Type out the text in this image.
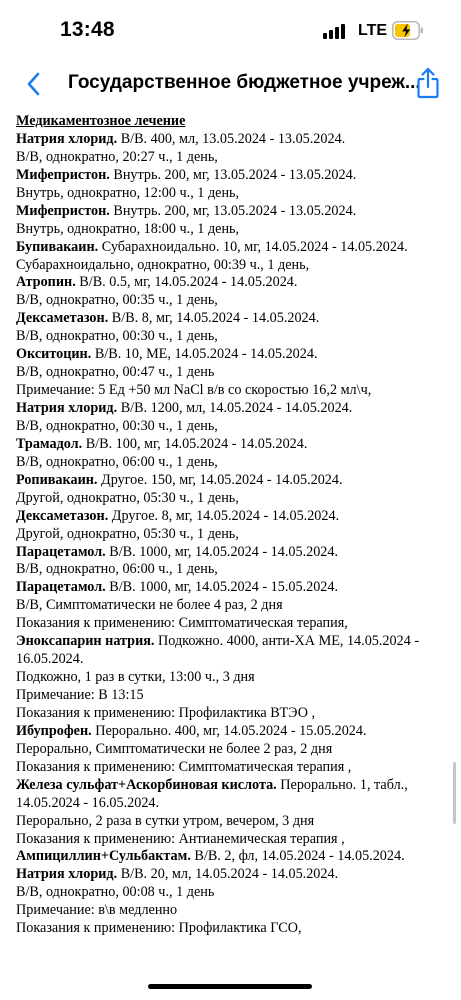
13:48	LTE
Государственное бюджетное учреж...
Медикаментозное лечение
Натрия хлорид. В/В. 400, мл, 13.05.2024 - 13.05.2024.
В/В, однократно, 20:27 ч., 1 день,
Мифепристон. Внутрь. 200, мг, 13.05.2024 - 13.05.2024.
Внутрь, однократно, 12:00 ч., 1 день,
Мифепристон. Внутрь. 200, мг, 13.05.2024 - 13.05.2024.
Внутрь, однократно, 18:00 ч., 1 день,
Бупивакаин. Субарахноидально. 10, мг, 14.05.2024 - 14.05.2024.
Субарахноидально, однократно, 00:39 ч., 1 день,
Атропин. В/В. 0.5, мг, 14.05.2024 - 14.05.2024.
В/В, однократно, 00:35 ч., 1 день,
Дексаметазон. В/В. 8, мг, 14.05.2024 - 14.05.2024.
В/В, однократно, 00:30 ч., 1 день,
Окситоцин. В/В. 10, МЕ, 14.05.2024 - 14.05.2024.
В/В, однократно, 00:47 ч., 1 день
Примечание: 5 Ед +50 мл NaCl в/в со скоростью 16,2 мл\ч,
Натрия хлорид. В/В. 1200, мл, 14.05.2024 - 14.05.2024.
В/В, однократно, 00:30 ч., 1 день,
Трамадол. В/В. 100, мг, 14.05.2024 - 14.05.2024.
В/В, однократно, 06:00 ч., 1 день,
Ропивакаин. Другое. 150, мг, 14.05.2024 - 14.05.2024.
Другой, однократно, 05:30 ч., 1 день,
Дексаметазон. Другое. 8, мг, 14.05.2024 - 14.05.2024.
Другой, однократно, 05:30 ч., 1 день,
Парацетамол. В/В. 1000, мг, 14.05.2024 - 14.05.2024.
В/В, однократно, 06:00 ч., 1 день,
Парацетамол. В/В. 1000, мг, 14.05.2024 - 15.05.2024.
В/В, Симптоматически не более 4 раз, 2 дня
Показания к применению: Симптоматическая терапия,
Эноксапарин натрия. Подкожно. 4000, анти-ХА МЕ, 14.05.2024 -
16.05.2024.
Подкожно, 1 раз в сутки, 13:00 ч., 3 дня
Примечание: В 13:15
Показания к применению: Профилактика ВТЭО ,
Ибупрофен. Перорально. 400, мг, 14.05.2024 - 15.05.2024.
Перорально, Симптоматически не более 2 раз, 2 дня
Показания к применению: Симптоматическая терапия ,
Железа сульфат+Аскорбиновая кислота. Перорально. 1, табл.,
14.05.2024 - 16.05.2024.
Перорально, 2 раза в сутки утром, вечером, 3 дня
Показания к применению: Антианемическая терапия ,
Ампициллин+Сульбактам. В/В. 2, фл, 14.05.2024 - 14.05.2024.
Натрия хлорид. В/В. 20, мл, 14.05.2024 - 14.05.2024.
В/В, однократно, 00:08 ч., 1 день
Примечание: в\в медленно
Показания к применению: Профилактика ГСО,
